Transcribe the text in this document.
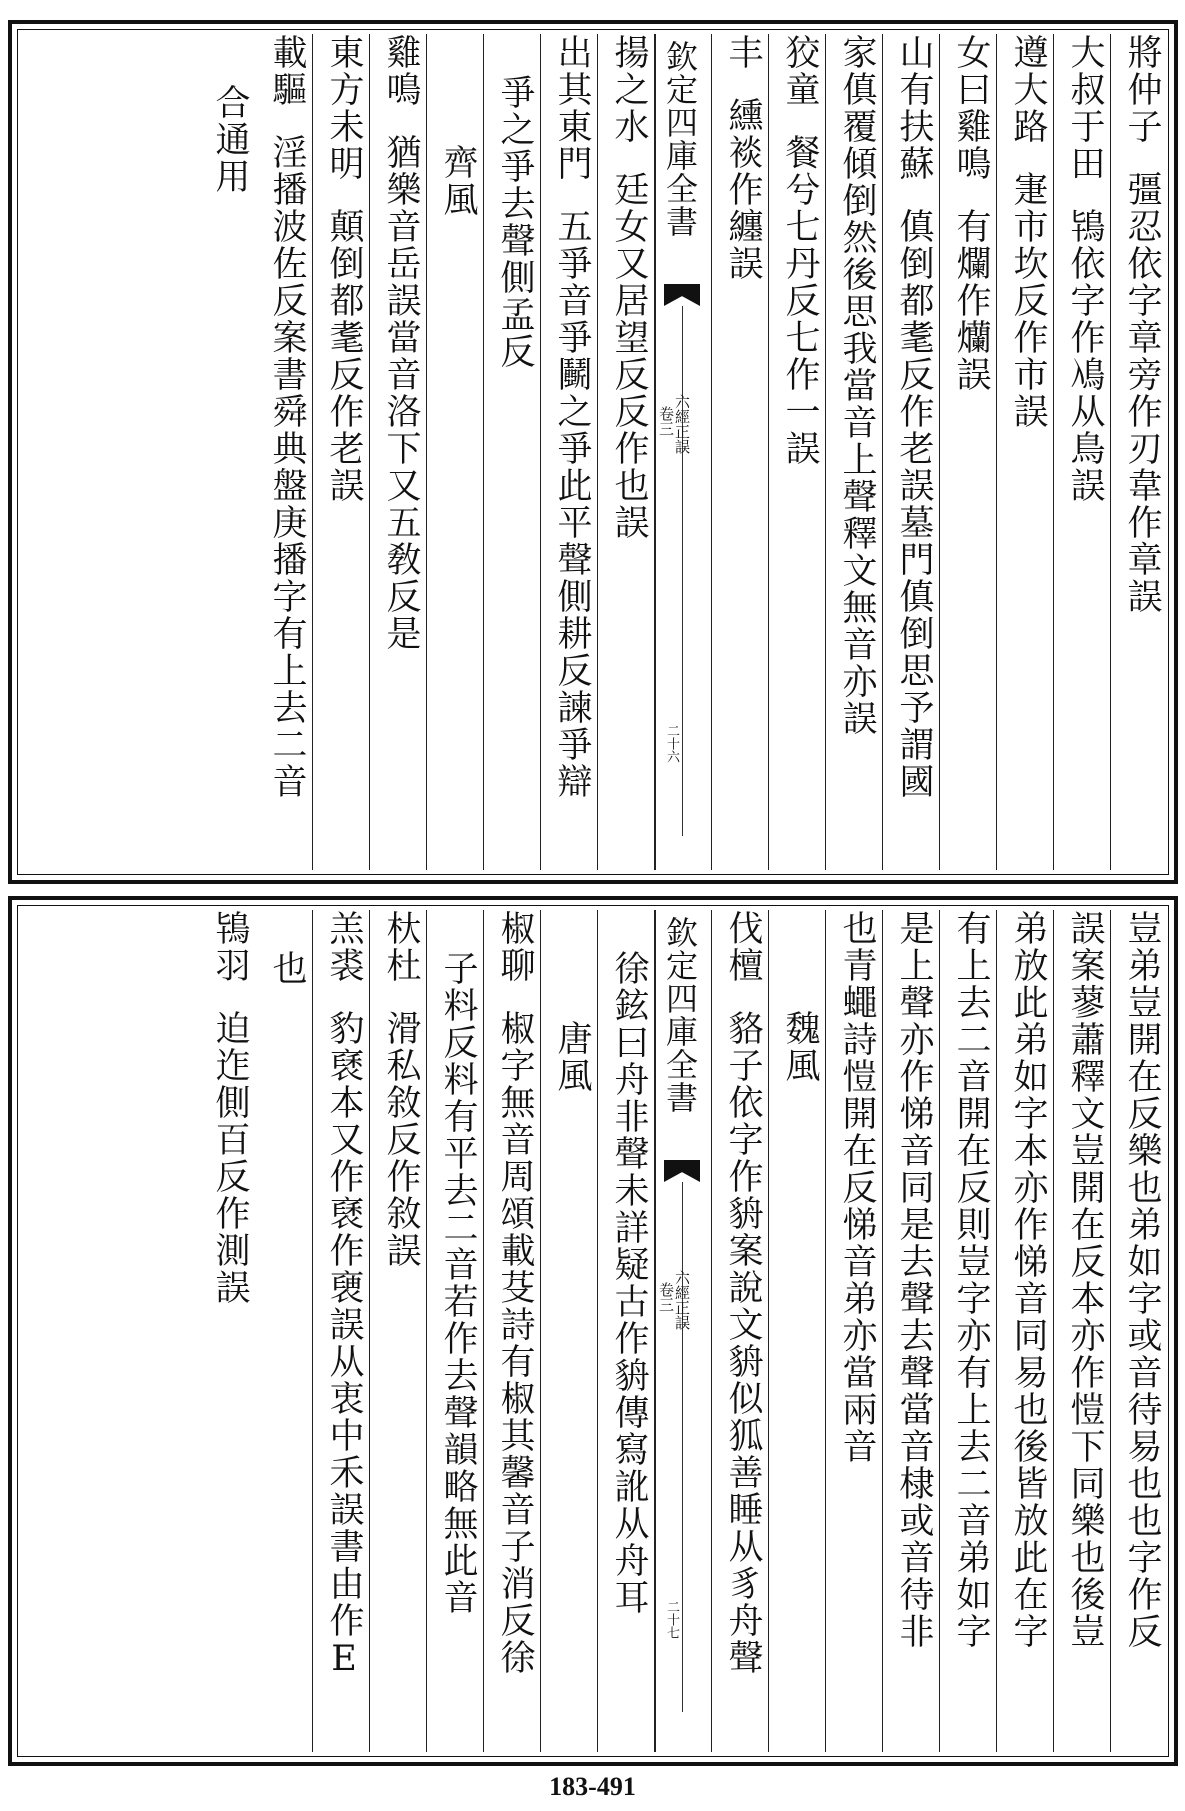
將仲子彊忍依字章旁作刃韋作章誤
大叔于田鴇依字作鳰从鳥誤
遵大路寁市坎反作市誤
女曰雞鳴有爛作爤誤
山有扶蘇傎倒都耄反作老誤墓門傎倒思予謂國
家傎覆傾倒然後思我當音上聲釋文無音亦誤
狡童餐兮七丹反七作一誤
丰纁裧作纏誤
欽定四庫全書
六經正誤
卷三
二十六
揚之水廷女又居望反反作也誤
出其東門五爭音爭鬭之爭此平聲側耕反諫爭辯
爭之爭去聲側孟反
齊風
雞鳴猶樂音岳誤當音洛下又五敎反是
東方未明顛倒都耄反作老誤
載驅淫播波佐反案書舜典盤庚播字有上去二音
合通用
豈弟豈開在反樂也弟如字或音待易也也字作反
誤案蓼蕭釋文豈開在反本亦作愷下同樂也後豈
弟放此弟如字本亦作悌音同易也後皆放此在字
有上去二音開在反則豈字亦有上去二音弟如字
是上聲亦作悌音同是去聲去聲當音棣或音待非
也青蠅詩愷開在反悌音弟亦當兩音
魏風
伐檀貉子依字作貈案說文貈似狐善睡从豸舟聲
欽定四庫全書
六經正誤
卷三
二十七
徐鉉曰舟非聲未詳疑古作貈傳寫訛从舟耳
唐風
椒聊椒字無音周頌載芟詩有椒其馨音子消反徐
子料反料有平去二音若作去聲韻略無此音
杕杜滑私敘反作敘誤
羔裘豹褎本又作褎作褏誤从衷中禾誤書由作E
也
鴇羽迫迮側百反作測誤
183-491
